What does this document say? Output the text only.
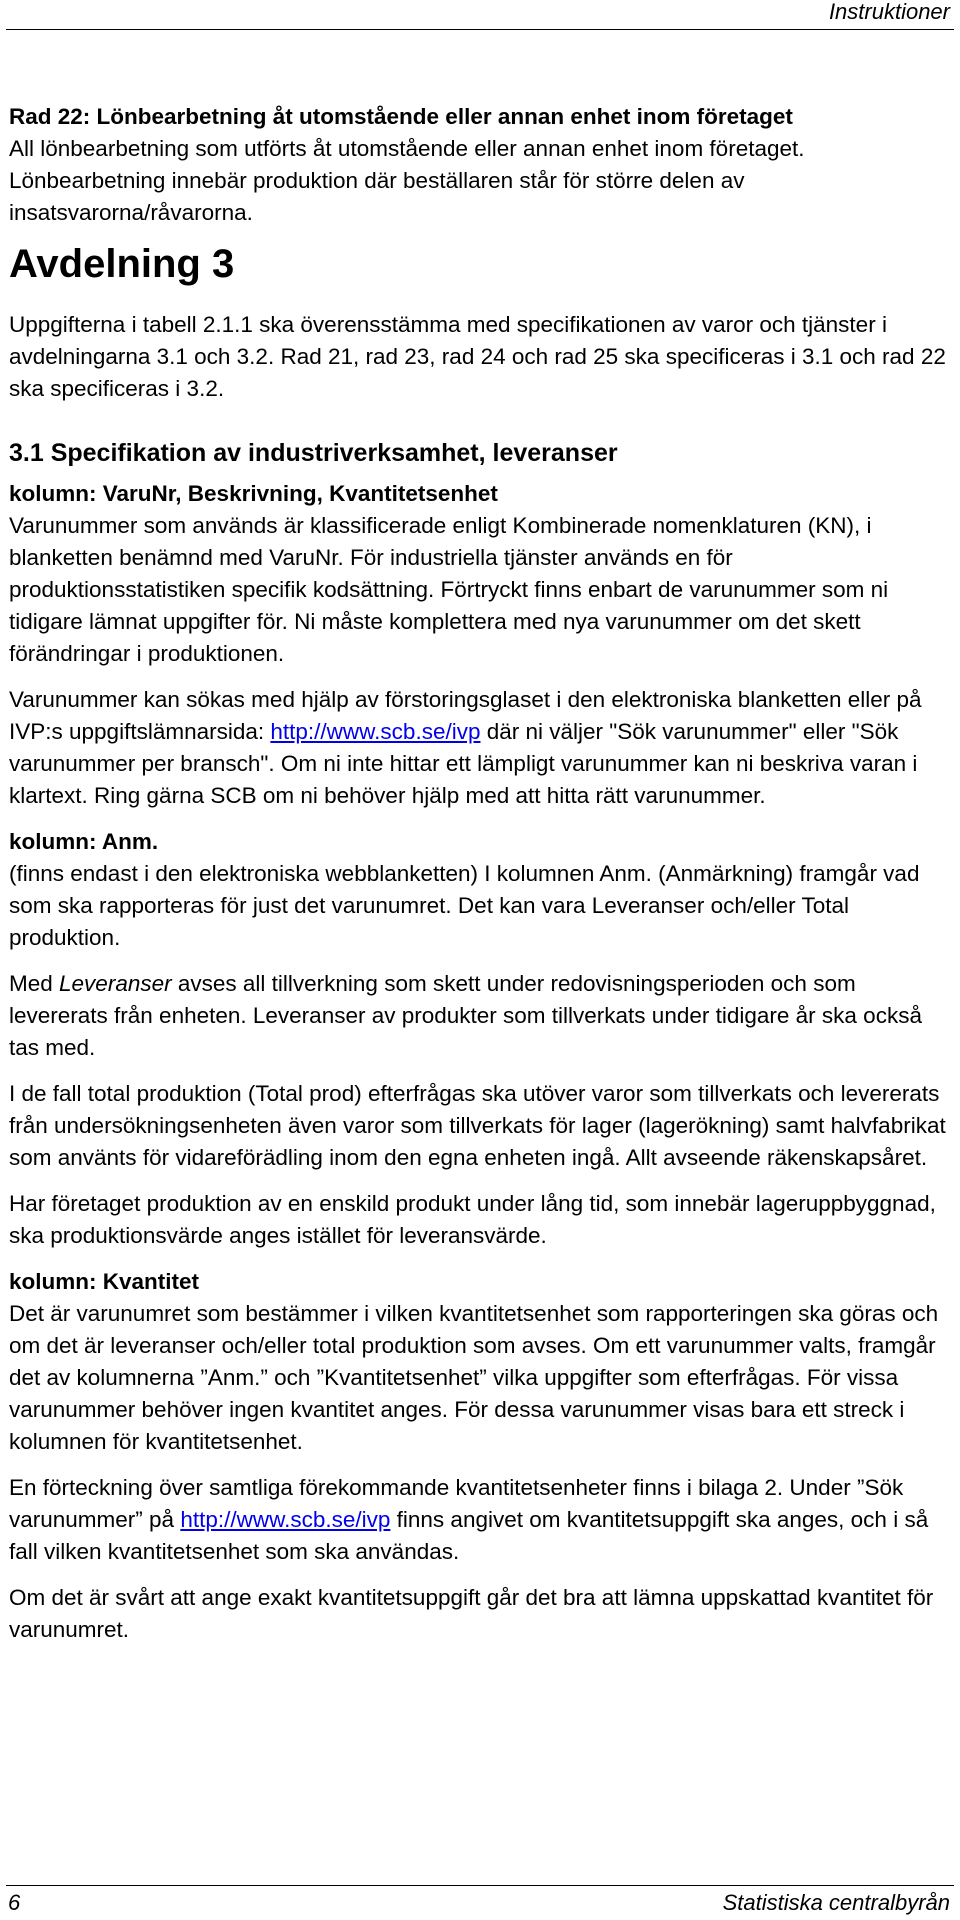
Instruktioner

Rad 22: Lönbearbetning åt utomstående eller annan enhet inom företaget

All lönbearbetning som utförts åt utomstående eller annan enhet inom företaget. Lönbearbetning innebär produktion där beställaren står för större delen av insatsvarorna/råvarorna.

Avdelning 3

Uppgifterna i tabell 2.1.1 ska överensstämma med specifikationen av varor och tjänster i avdelningarna 3.1 och 3.2. Rad 21, rad 23, rad 24 och rad 25 ska specificeras i 3.1 och rad 22 ska specificeras i 3.2.

3.1 Specifikation av industriverksamhet, leveranser

kolumn: VaruNr, Beskrivning, Kvantitetsenhet

Varunummer som används är klassificerade enligt Kombinerade nomenklaturen (KN), i blanketten benämnd med VaruNr. För industriella tjänster används en för produktionsstatistiken specifik kodsättning. Förtryckt finns enbart de varunummer som ni tidigare lämnat uppgifter för. Ni måste komplettera med nya varunummer om det skett förändringar i produktionen.

Varunummer kan sökas med hjälp av förstoringsglaset i den elektroniska blanketten eller på IVP:s uppgiftslämnarsida: http://www.scb.se/ivp där ni väljer "Sök varunummer" eller "Sök varunummer per bransch". Om ni inte hittar ett lämpligt varunummer kan ni beskriva varan i klartext. Ring gärna SCB om ni behöver hjälp med att hitta rätt varunummer.

kolumn: Anm.

(finns endast i den elektroniska webblanketten) I kolumnen Anm. (Anmärkning) framgår vad som ska rapporteras för just det varunumret. Det kan vara Leveranser och/eller Total produktion.

Med Leveranser avses all tillverkning som skett under redovisningsperioden och som levererats från enheten. Leveranser av produkter som tillverkats under tidigare år ska också tas med.

I de fall total produktion (Total prod) efterfrågas ska utöver varor som tillverkats och levererats från undersökningsenheten även varor som tillverkats för lager (lagerökning) samt halvfabrikat som använts för vidareförädling inom den egna enheten ingå. Allt avseende räkenskapsåret.

Har företaget produktion av en enskild produkt under lång tid, som innebär lageruppbyggnad, ska produktionsvärde anges istället för leveransvärde.

kolumn: Kvantitet

Det är varunumret som bestämmer i vilken kvantitetsenhet som rapporteringen ska göras och om det är leveranser och/eller total produktion som avses. Om ett varunummer valts, framgår det av kolumnerna ”Anm.” och ”Kvantitetsenhet” vilka uppgifter som efterfrågas. För vissa varunummer behöver ingen kvantitet anges. För dessa varunummer visas bara ett streck i kolumnen för kvantitetsenhet.

En förteckning över samtliga förekommande kvantitetsenheter finns i bilaga 2. Under ”Sök varunummer” på http://www.scb.se/ivp finns angivet om kvantitetsuppgift ska anges, och i så fall vilken kvantitetsenhet som ska användas.

Om det är svårt att ange exakt kvantitetsuppgift går det bra att lämna uppskattad kvantitet för varunumret.

6	Statistiska centralbyrån
